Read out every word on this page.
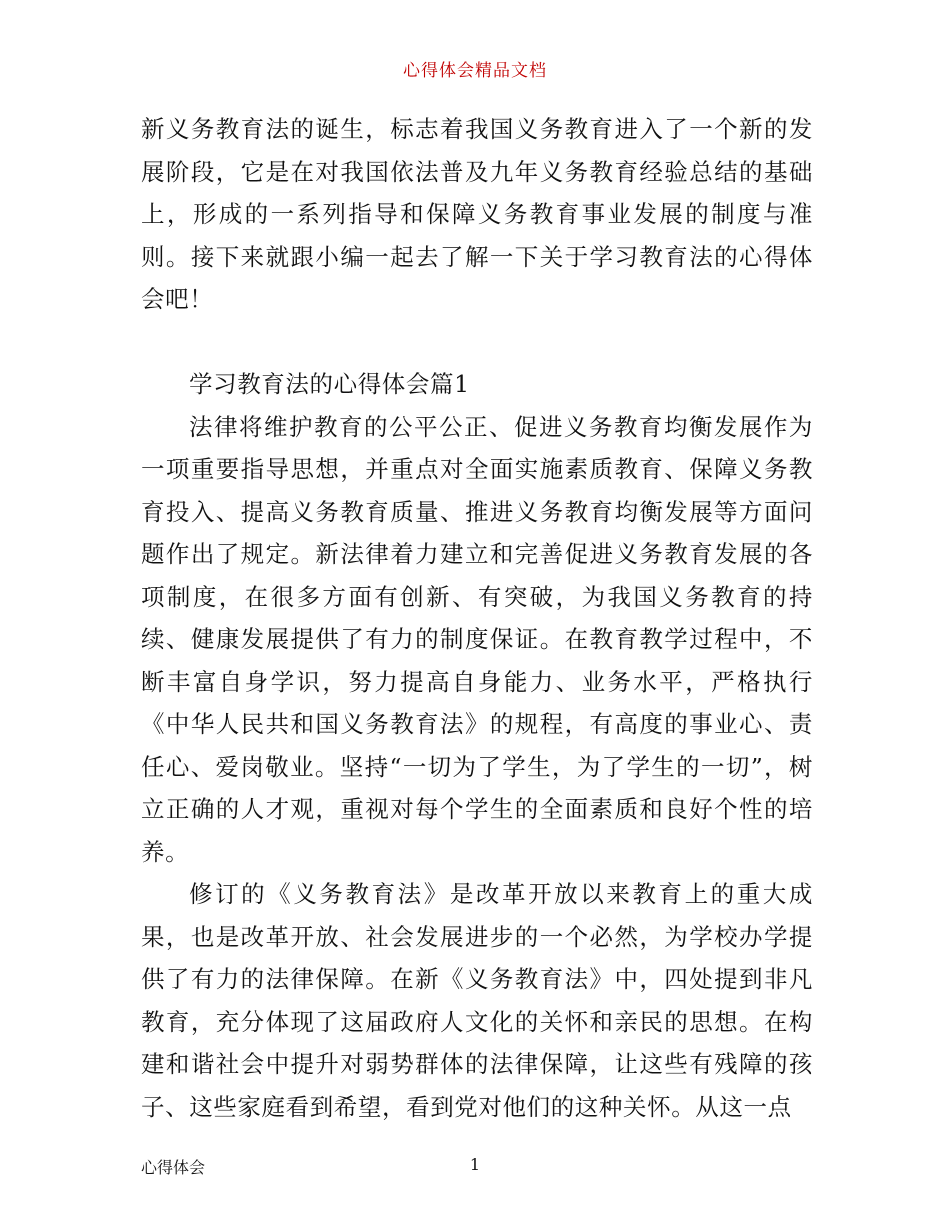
心得体会精品文档

新义务教育法的诞生，标志着我国义务教育进入了一个新的发展阶段，它是在对我国依法普及九年义务教育经验总结的基础上，形成的一系列指导和保障义务教育事业发展的制度与准则。接下来就跟小编一起去了解一下关于学习教育法的心得体会吧！

学习教育法的心得体会篇1

法律将维护教育的公平公正、促进义务教育均衡发展作为一项重要指导思想，并重点对全面实施素质教育、保障义务教育投入、提高义务教育质量、推进义务教育均衡发展等方面问题作出了规定。新法律着力建立和完善促进义务教育发展的各项制度，在很多方面有创新、有突破，为我国义务教育的持续、健康发展提供了有力的制度保证。在教育教学过程中，不断丰富自身学识，努力提高自身能力、业务水平，严格执行《中华人民共和国义务教育法》的规程，有高度的事业心、责任心、爱岗敬业。坚持“一切为了学生，为了学生的一切”，树立正确的人才观，重视对每个学生的全面素质和良好个性的培养。

修订的《义务教育法》是改革开放以来教育上的重大成果，也是改革开放、社会发展进步的一个必然，为学校办学提供了有力的法律保障。在新《义务教育法》中，四处提到非凡教育，充分体现了这届政府人文化的关怀和亲民的思想。在构建和谐社会中提升对弱势群体的法律保障，让这些有残障的孩子、这些家庭看到希望，看到党对他们的这种关怀。从这一点

心得体会	1
